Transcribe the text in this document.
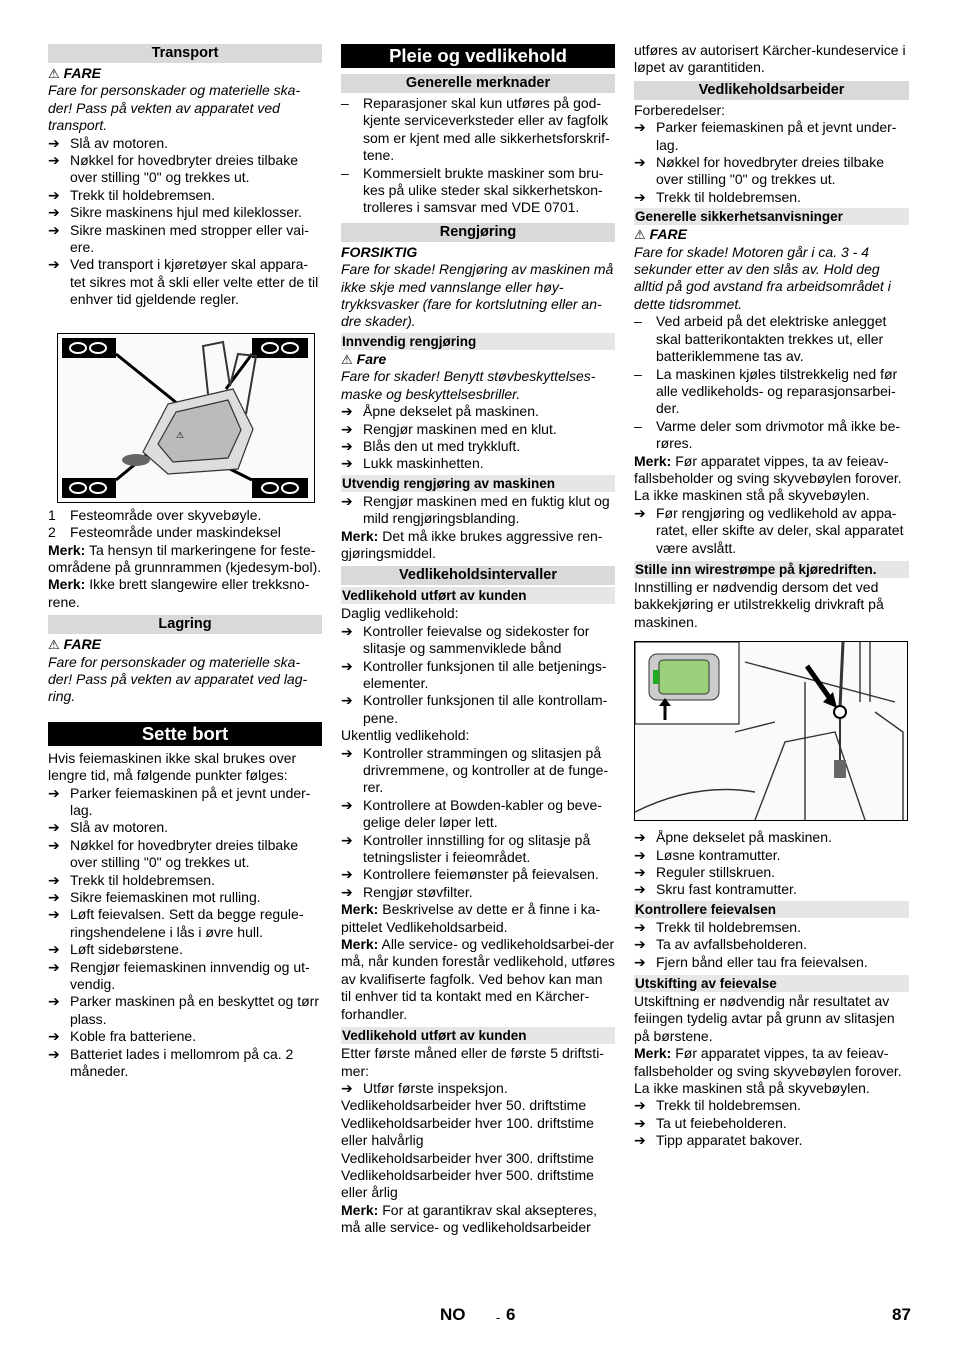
Transport

⚠ FARE

Fare for personskader og materielle ska-der! Pass på vekten av apparatet ved transport.

➔ Slå av motoren.

➔ Nøkkel for hovedbryter dreies tilbake over stilling "0" og trekkes ut.

➔ Trekk til holdebremsen.

➔ Sikre maskinens hjul med kileklosser.

➔ Sikre maskinen med stropper eller vai-ere.

➔ Ved transport i kjøretøyer skal appara-tet sikres mot å skli eller velte etter de til enhver tid gjeldende regler.

⚠

1 Festeområde over skyvebøyle.

2 Festeområde under maskindeksel

Merk: Ta hensyn til markeringene for feste-områdene på grunnrammen (kjedesym-bol).

Merk: Ikke brett slangewire eller trekksno-rene.

Lagring

⚠ FARE

Fare for personskader og materielle ska-der! Pass på vekten av apparatet ved lag-ring.

Sette bort

Hvis feiemaskinen ikke skal brukes over lengre tid, må følgende punkter følges:

➔ Parker feiemaskinen på et jevnt under-lag.

➔ Slå av motoren.

➔ Nøkkel for hovedbryter dreies tilbake over stilling "0" og trekkes ut.

➔ Trekk til holdebremsen.

➔ Sikre feiemaskinen mot rulling.

➔ Løft feievalsen. Sett da begge regule-ringshendelene i lås i øvre hull.

➔ Løft sidebørstene.

➔ Rengjør feiemaskinen innvendig og ut-vendig.

➔ Parker maskinen på en beskyttet og tørr plass.

➔ Koble fra batteriene.

➔ Batteriet lades i mellomrom på ca. 2 måneder.

Pleie og vedlikehold
Generelle merknader

– Reparasjoner skal kun utføres på god-kjente serviceverksteder eller av fagfolk som er kjent med alle sikkerhetsforskrif-tene.

– Kommersielt brukte maskiner som bru-kes på ulike steder skal sikkerhetskon-trolleres i samsvar med VDE 0701.

Rengjøring

FORSIKTIG

Fare for skade! Rengjøring av maskinen må ikke skje med vannslange eller høy-trykksvasker (fare for kortslutning eller an-dre skader).

Innvendig rengjøring

⚠ Fare

Fare for skader! Benytt støvbeskyttelses-maske og beskyttelsesbriller.

➔ Åpne dekselet på maskinen.

➔ Rengjør maskinen med en klut.

➔ Blås den ut med trykkluft.

➔ Lukk maskinhetten.

Utvendig rengjøring av maskinen

➔ Rengjør maskinen med en fuktig klut og mild rengjøringsblanding.

Merk: Det må ikke brukes aggressive ren-gjøringsmiddel.

Vedlikeholdsintervaller
Vedlikehold utført av kunden

Daglig vedlikehold:

➔ Kontroller feievalse og sidekoster for slitasje og sammenviklede bånd

➔ Kontroller funksjonen til alle betjenings-elementer.

➔ Kontroller funksjonen til alle kontrollam-pene.

Ukentlig vedlikehold:

➔ Kontroller strammingen og slitasjen på drivremmene, og kontroller at de funge-rer.

➔ Kontrollere at Bowden-kabler og beve-gelige deler løper lett.

➔ Kontroller innstilling for og slitasje på tetningslister i feieområdet.

➔ Kontrollere feiemønster på feievalsen.

➔ Rengjør støvfilter.

Merk: Beskrivelse av dette er å finne i ka-pittelet Vedlikeholdsarbeid.

Merk: Alle service- og vedlikeholdsarbei-der må, når kunden forestår vedlikehold, utføres av kvalifiserte fagfolk. Ved behov kan man til enhver tid ta kontakt med en Kärcher-forhandler.

Vedlikehold utført av kunden

Etter første måned eller de første 5 driftsti-mer:

➔ Utfør første inspeksjon.

Vedlikeholdsarbeider hver 50. driftstime

Vedlikeholdsarbeider hver 100. driftstime eller halvårlig

Vedlikeholdsarbeider hver 300. driftstime

Vedlikeholdsarbeider hver 500. driftstime eller årlig

Merk: For at garantikrav skal aksepteres, må alle service- og vedlikeholdsarbeider

utføres av autorisert Kärcher-kundeservice i løpet av garantitiden.

Vedlikeholdsarbeider

Forberedelser:

➔ Parker feiemaskinen på et jevnt under-lag.

➔ Nøkkel for hovedbryter dreies tilbake over stilling "0" og trekkes ut.

➔ Trekk til holdebremsen.

Generelle sikkerhetsanvisninger

⚠ FARE

Fare for skade! Motoren går i ca. 3 - 4 sekunder etter av den slås av. Hold deg alltid på god avstand fra arbeidsområdet i dette tidsrommet.

– Ved arbeid på det elektriske anlegget skal batterikontakten trekkes ut, eller batteriklemmene tas av.

– La maskinen kjøles tilstrekkelig ned før alle vedlikeholds- og reparasjonsarbei-der.

– Varme deler som drivmotor må ikke be-røres.

Merk: Før apparatet vippes, ta av feieav-fallsbeholder og sving skyvebøylen forover. La ikke maskinen stå på skyvebøylen.

➔ Før rengjøring og vedlikehold av appa-ratet, eller skifte av deler, skal apparatet være avslått.

Stille inn wirestrømpe på kjøredriften.

Innstilling er nødvendig dersom det ved bakkekjøring er utilstrekkelig drivkraft på maskinen.

➔ Åpne dekselet på maskinen.

➔ Løsne kontramutter.

➔ Reguler stillskruen.

➔ Skru fast kontramutter.

Kontrollere feievalsen

➔ Trekk til holdebremsen.

➔ Ta av avfallsbeholderen.

➔ Fjern bånd eller tau fra feievalsen.

Utskifting av feievalse

Utskiftning er nødvendig når resultatet av feiingen tydelig avtar på grunn av slitasjen på børstene.

Merk: Før apparatet vippes, ta av feieav-fallsbeholder og sving skyvebøylen forover. La ikke maskinen stå på skyvebøylen.

➔ Trekk til holdebremsen.

➔ Ta ut feiebeholderen.

➔ Tipp apparatet bakover.

NO - 6	87
